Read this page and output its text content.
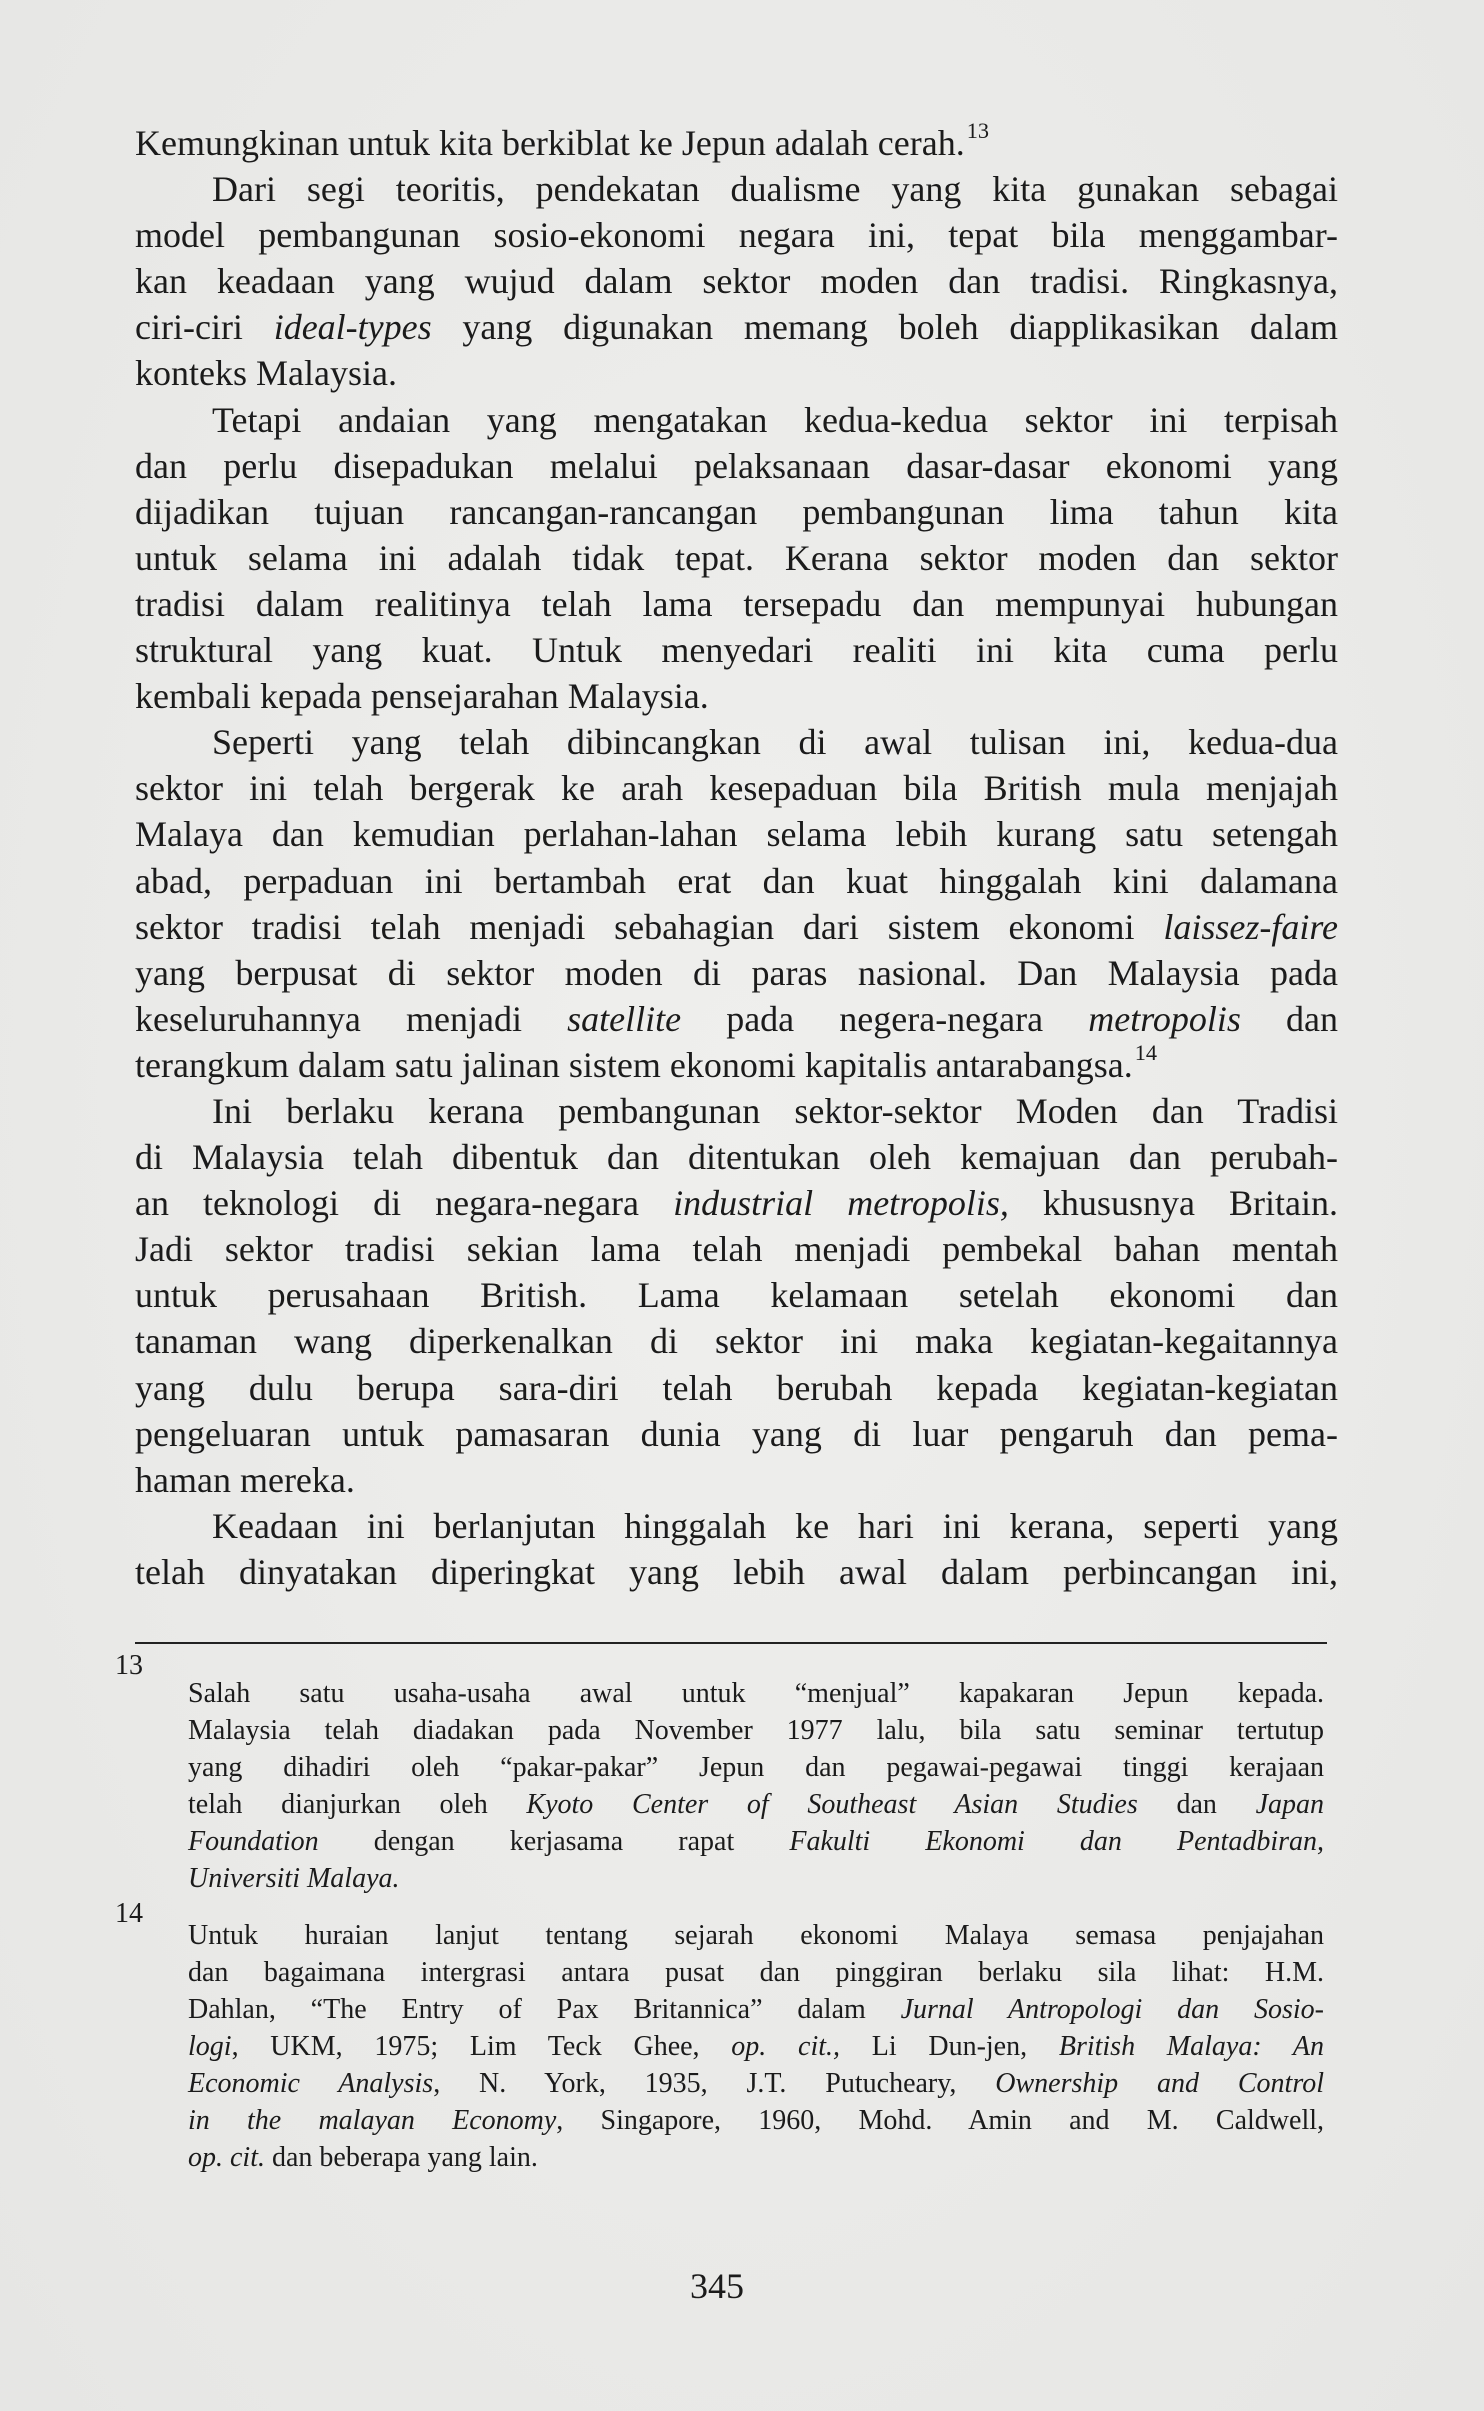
Kemungkinan untuk kita berkiblat ke Jepun adalah cerah.$^{13}$
Dari segi teoritis, pendekatan dualisme yang kita gunakan sebagai
model pembangunan sosio-ekonomi negara ini, tepat bila menggambar-
kan keadaan yang wujud dalam sektor moden dan tradisi. Ringkasnya,
ciri-ciri ideal-types yang digunakan memang boleh diapplikasikan dalam
konteks Malaysia.
Tetapi andaian yang mengatakan kedua-kedua sektor ini terpisah
dan perlu disepadukan melalui pelaksanaan dasar-dasar ekonomi yang
dijadikan tujuan rancangan-rancangan pembangunan lima tahun kita
untuk selama ini adalah tidak tepat. Kerana sektor moden dan sektor
tradisi dalam realitinya telah lama tersepadu dan mempunyai hubungan
struktural yang kuat. Untuk menyedari realiti ini kita cuma perlu
kembali kepada pensejarahan Malaysia.
Seperti yang telah dibincangkan di awal tulisan ini, kedua-dua
sektor ini telah bergerak ke arah kesepaduan bila British mula menjajah
Malaya dan kemudian perlahan-lahan selama lebih kurang satu setengah
abad, perpaduan ini bertambah erat dan kuat hinggalah kini dalamana
sektor tradisi telah menjadi sebahagian dari sistem ekonomi laissez-faire
yang berpusat di sektor moden di paras nasional. Dan Malaysia pada
keseluruhannya menjadi satellite pada negera-negara metropolis dan
terangkum dalam satu jalinan sistem ekonomi kapitalis antarabangsa.$^{14}$
Ini berlaku kerana pembangunan sektor-sektor Moden dan Tradisi
di Malaysia telah dibentuk dan ditentukan oleh kemajuan dan perubah-
an teknologi di negara-negara industrial metropolis, khususnya Britain.
Jadi sektor tradisi sekian lama telah menjadi pembekal bahan mentah
untuk perusahaan British. Lama kelamaan setelah ekonomi dan
tanaman wang diperkenalkan di sektor ini maka kegiatan-kegaitannya
yang dulu berupa sara-diri telah berubah kepada kegiatan-kegiatan
pengeluaran untuk pamasaran dunia yang di luar pengaruh dan pema-
haman mereka.
Keadaan ini berlanjutan hinggalah ke hari ini kerana, seperti yang
telah dinyatakan diperingkat yang lebih awal dalam perbincangan ini,
13
Salah satu usaha-usaha awal untuk “menjual” kapakaran Jepun kepada.
Malaysia telah diadakan pada November 1977 lalu, bila satu seminar tertutup
yang dihadiri oleh “pakar-pakar” Jepun dan pegawai-pegawai tinggi kerajaan
telah dianjurkan oleh Kyoto Center of Southeast Asian Studies dan Japan
Foundation dengan kerjasama rapat Fakulti Ekonomi dan Pentadbiran,
Universiti Malaya.
14
Untuk huraian lanjut tentang sejarah ekonomi Malaya semasa penjajahan
dan bagaimana intergrasi antara pusat dan pinggiran berlaku sila lihat: H.M.
Dahlan, “The Entry of Pax Britannica” dalam Jurnal Antropologi dan Sosio-
logi, UKM, 1975; Lim Teck Ghee, op. cit., Li Dun-jen, British Malaya: An
Economic Analysis, N. York, 1935, J.T. Putucheary, Ownership and Control
in the malayan Economy, Singapore, 1960, Mohd. Amin and M. Caldwell,
op. cit. dan beberapa yang lain.
345
